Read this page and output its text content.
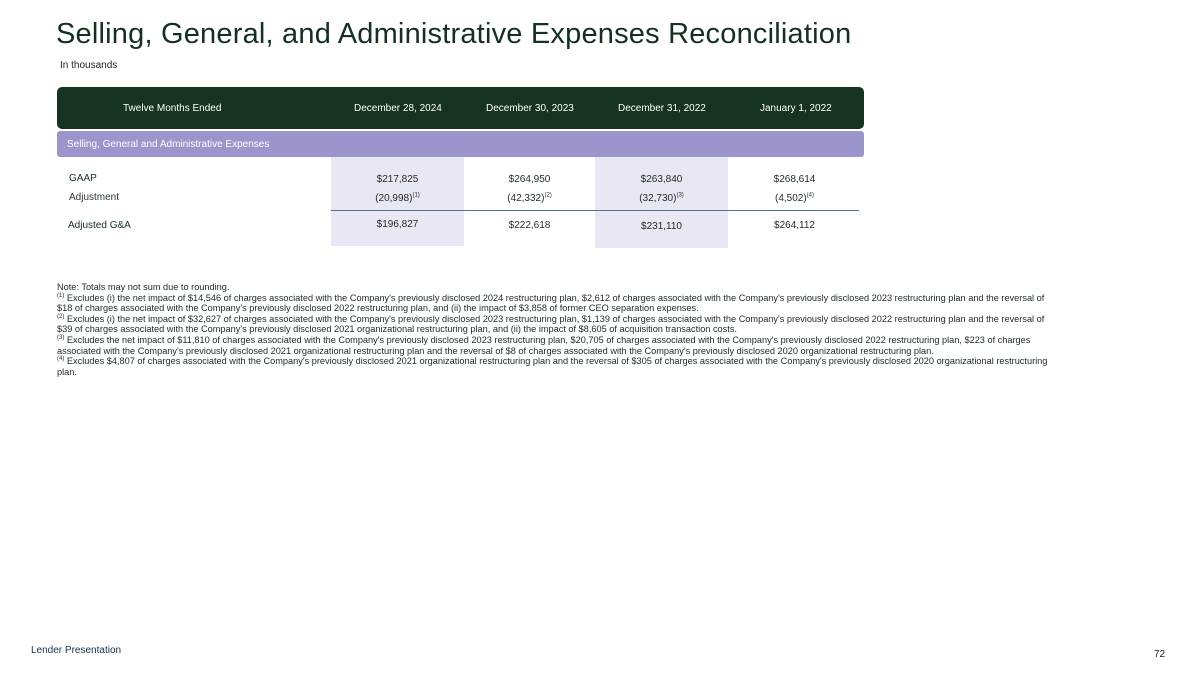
Selling, General, and Administrative Expenses Reconciliation
In thousands
Twelve Months Ended	December 28, 2024	December 30, 2023	December 31, 2022	January 1, 2022
Selling, General and Administrative Expenses
GAAP	$217,825	$264,950	$263,840	$268,614
Adjustment	$(20,998)^{(1)}$	$(42,332)^{(2)}$	$(32,730)^{(3)}$	$(4,502)^{(4)}$
Adjusted G&A	$196,827	$222,618	$231,110	$264,112

Note: Totals may not sum due to rounding.

$^{(1)}$ Excludes (i) the net impact of $14,546 of charges associated with the Company's previously disclosed 2024 restructuring plan, $2,612 of charges associated with the Company's previously disclosed 2023 restructuring plan and the reversal of $18 of charges associated with the Company's previously disclosed 2022 restructuring plan, and (ii) the impact of $3,858 of former CEO separation expenses.

$^{(2)}$ Excludes (i) the net impact of $32,627 of charges associated with the Company's previously disclosed 2023 restructuring plan, $1,139 of charges associated with the Company's previously disclosed 2022 restructuring plan and the reversal of $39 of charges associated with the Company's previously disclosed 2021 organizational restructuring plan, and (ii) the impact of $8,605 of acquisition transaction costs.

$^{(3)}$ Excludes the net impact of $11,810 of charges associated with the Company's previously disclosed 2023 restructuring plan, $20,705 of charges associated with the Company's previously disclosed 2022 restructuring plan, $223 of charges associated with the Company's previously disclosed 2021 organizational restructuring plan and the reversal of $8 of charges associated with the Company's previously disclosed 2020 organizational restructuring plan.

$^{(4)}$ Excludes $4,807 of charges associated with the Company's previously disclosed 2021 organizational restructuring plan and the reversal of $305 of charges associated with the Company's previously disclosed 2020 organizational restructuring plan.

Lender Presentation	72
